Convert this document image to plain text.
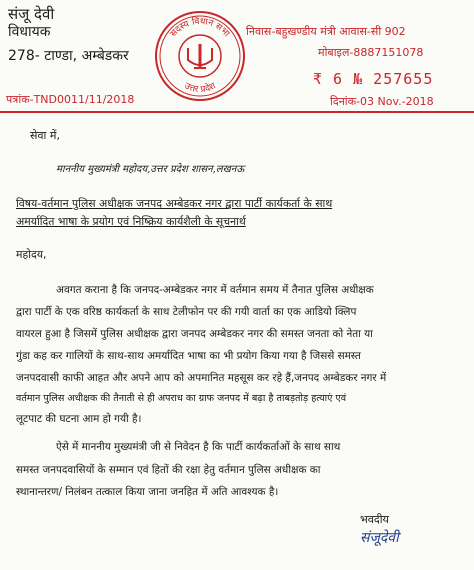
संजू देवी
विधायक
278- टाण्डा, अम्बेडकर
पत्रांक-TND0011/11/2018
निवास-बहुखण्डीय मंत्री आवास-सी 902
मोबाइल-8887151078
₹ 6 № 257655
दिनांक-03 Nov.-2018
सदस्य विधान सभा
उत्तर प्रदेश
सेवा में,
माननीय मुख्यमंत्री महोदय,उत्तर प्रदेश शासन,लखनऊ
विषय-वर्तमान पुलिस अधीक्षक जनपद अम्बेडकर नगर द्वारा पार्टी कार्यकर्ता के साथ
अमर्यादित भाषा के प्रयोग एवं निष्क्रिय कार्यशैली के सूचनार्थ
महोदय,
अवगत कराना है कि जनपद-अम्बेडकर नगर में वर्तमान समय में तैनात पुलिस अधीक्षक
द्वारा पार्टी के एक वरिष्ठ कार्यकर्ता के साथ टेलीफोन पर की गयी वार्ता का एक आडियो क्लिप
वायरल हुआ है जिसमें पुलिस अधीक्षक द्वारा जनपद अम्बेडकर नगर की समस्त जनता को नेता या
गुंडा कह कर गालियों के साथ-साथ अमर्यादित भाषा का भी प्रयोग किया गया है जिससे समस्त
जनपदवासी काफी आहत और अपने आप को अपमानित महसूस कर रहे हैं,जनपद अम्बेडकर नगर में
वर्तमान पुलिस अधीक्षक की तैनाती से ही अपराध का ग्राफ जनपद में बढ़ा है ताबड़तोड़ हत्याएं एवं
लूटपाट की घटना आम हो गयी है।
ऐसे में माननीय मुख्यमंत्री जी से निवेदन है कि पार्टी कार्यकर्ताओं के साथ साथ
समस्त जनपदवासियों के सम्मान एवं हितों की रक्षा हेतु वर्तमान पुलिस अधीक्षक का
स्थानान्तरण/ निलंबन तत्काल किया जाना जनहित में अति आवश्यक है।
भवदीय
संजूदेवी
